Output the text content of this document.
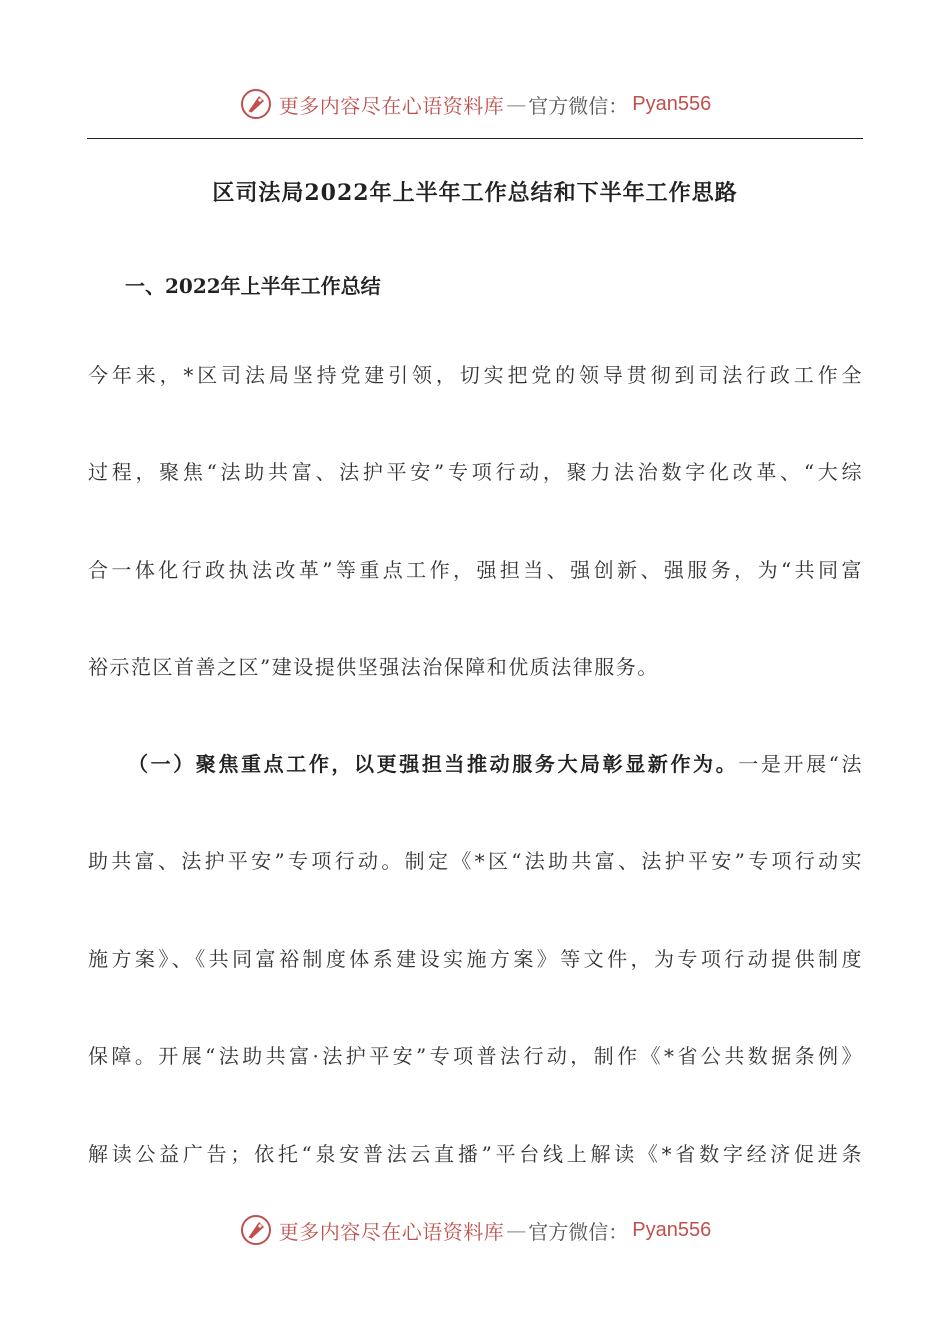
更多内容尽在心语资料库 — 官方微信： Pyan556
区司法局2022年上半年工作总结和下半年工作思路
一、2022年上半年工作总结
今年来，*区司法局坚持党建引领，切实把党的领导贯彻到司法行政工作全
过程，聚焦“法助共富、法护平安”专项行动，聚力法治数字化改革、“大综
合一体化行政执法改革”等重点工作，强担当、强创新、强服务，为“共同富
裕示范区首善之区”建设提供坚强法治保障和优质法律服务。
（一）聚焦重点工作，以更强担当推动服务大局彰显新作为。一是开展“法
助共富、法护平安”专项行动。制定《*区“法助共富、法护平安”专项行动实
施方案》、《共同富裕制度体系建设实施方案》等文件，为专项行动提供制度
保障。开展“法助共富·法护平安”专项普法行动，制作《*省公共数据条例》
解读公益广告；依托“泉安普法云直播”平台线上解读《*省数字经济促进条
更多内容尽在心语资料库 — 官方微信： Pyan556
